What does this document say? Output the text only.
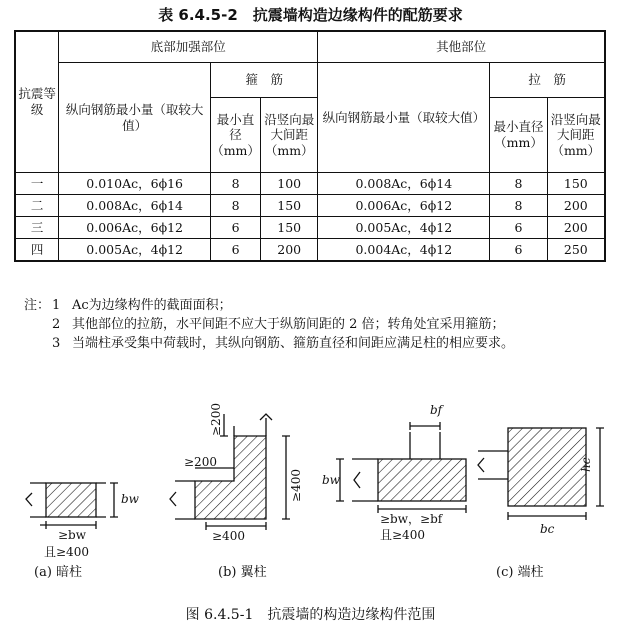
表 6.4.5-2　抗震墙构造边缘构件的配筋要求
抗震等级	底部加强部位			其他部位		
	纵向钢筋最小量（取较大值）	箍　筋		纵向钢筋最小量（取较大值）	拉　筋	
		最小直径（mm）	沿竖向最大间距（mm）		最小直径（mm）	沿竖向最大间距（mm）
一	0.010Ac，6ϕ16	8	100	0.008Ac，6ϕ14	8	150
二	0.008Ac，6ϕ14	8	150	0.006Ac，6ϕ12	8	200
三	0.006Ac，6ϕ12	6	150	0.005Ac，4ϕ12	6	200
四	0.005Ac，4ϕ12	6	200	0.004Ac，4ϕ12	6	250
注： 1 Ac为边缘构件的截面面积；
2 其他部位的拉筋，水平间距不应大于纵筋间距的 2 倍；转角处宜采用箍筋；
3 当端柱承受集中荷载时，其纵向钢筋、箍筋直径和间距应满足柱的相应要求。
bw
≥bw
且≥400
(a) 暗柱
≥200
≥200
≥400
≥400
(b) 翼柱
bf
bw
≥bw，≥bf
且≥400
hc
bc
(c) 端柱
图 6.4.5-1　抗震墙的构造边缘构件范围
